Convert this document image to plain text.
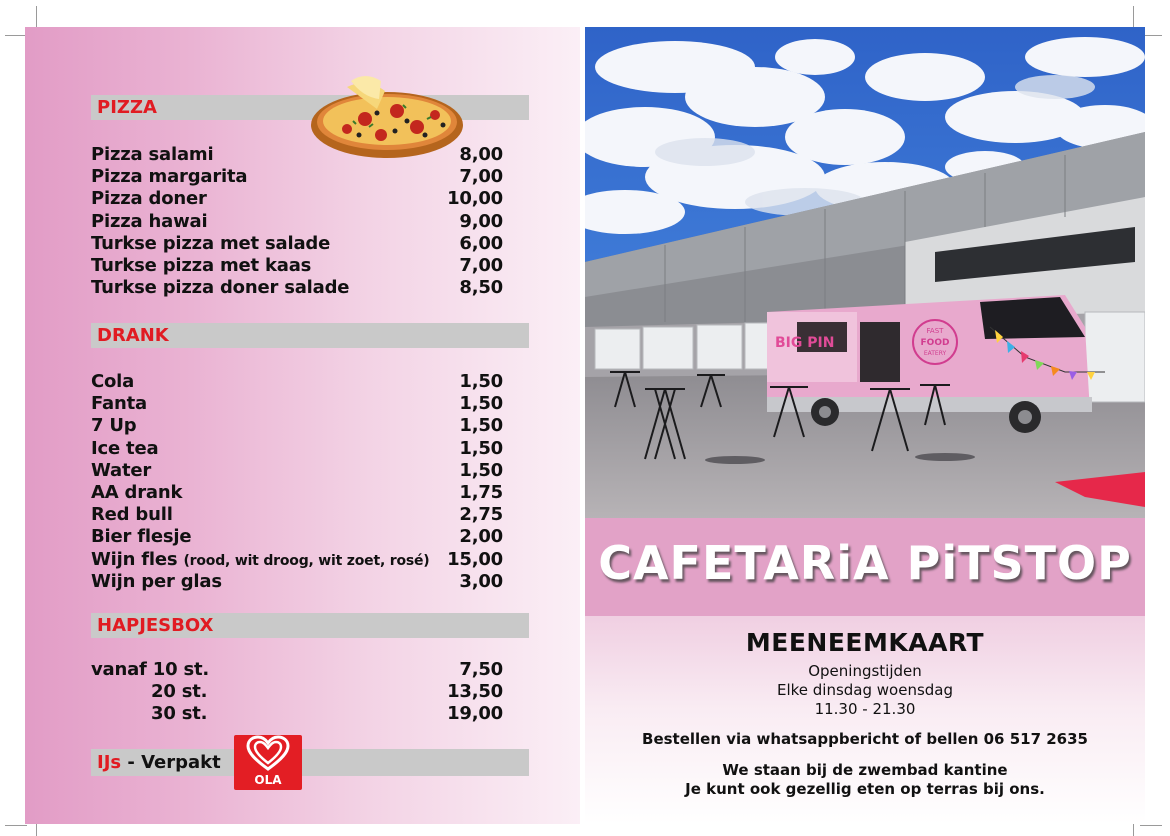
PIZZA
Pizza salami	8,00
Pizza margarita	7,00
Pizza doner	10,00
Pizza hawai	9,00
Turkse pizza met salade	6,00
Turkse pizza met kaas	7,00
Turkse pizza doner salade	8,50
DRANK
Cola	1,50
Fanta	1,50
7 Up	1,50
Ice tea	1,50
Water	1,50
AA drank	1,75
Red bull	2,75
Bier flesje	2,00
Wijn fles (rood, wit droog, wit zoet, rosé) 15,00
Wijn per glas	3,00
HAPJESBOX
vanaf 10 st.	7,50
20 st.	13,50
30 st.	19,00
IJs - Verpakt
OLA
BIG PIN
FAST
FOOD
EATERY
CAFETARiA PiTSTOP
MEENEEMKAART
Openingstijden
Elke dinsdag woensdag
11.30 - 21.30
Bestellen via whatsappbericht of bellen 06 517 2635
We staan bij de zwembad kantine
Je kunt ook gezellig eten op terras bij ons.
